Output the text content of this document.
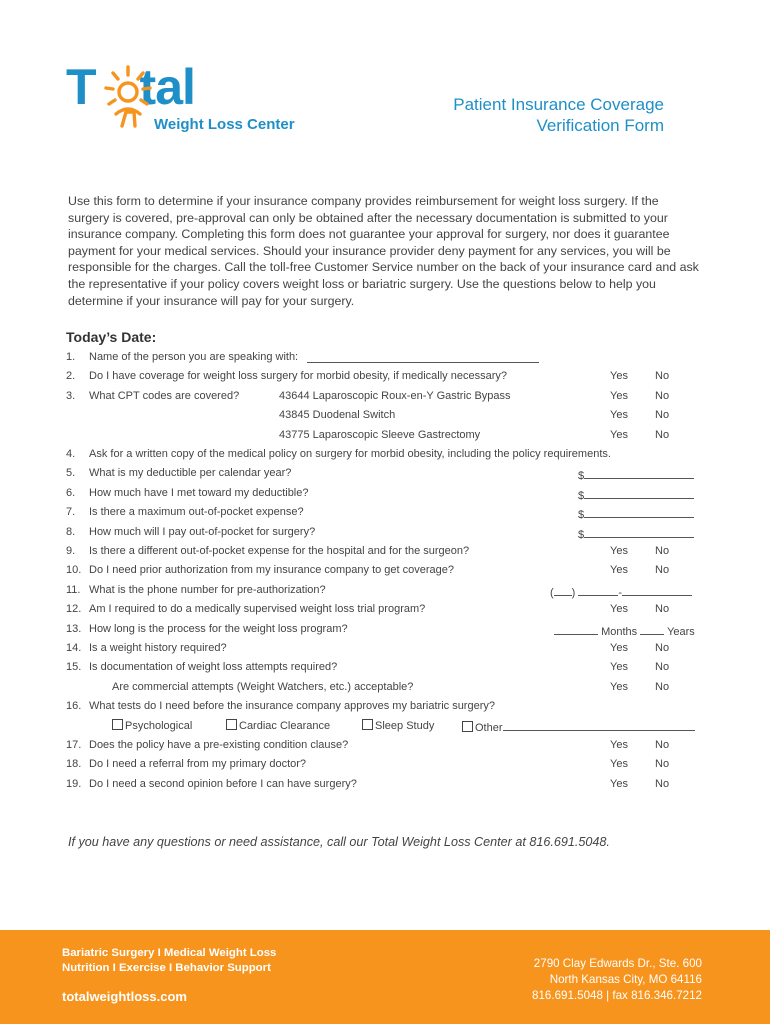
T tal
Weight Loss Center
Patient Insurance Coverage
Verification Form
Use this form to determine if your insurance company provides reimbursement for weight loss surgery. If the surgery is covered, pre-approval can only be obtained after the necessary documentation is submitted to your insurance company. Completing this form does not guarantee your approval for surgery, nor does it guarantee payment for your medical services. Should your insurance provider deny payment for any services, you will be responsible for the charges. Call the toll-free Customer Service number on the back of your insurance card and ask the representative if your policy covers weight loss or bariatric surgery. Use the questions below to help you determine if your insurance will pay for your surgery.
Today’s Date:
1. Name of the person you are speaking with:
2. Do I have coverage for weight loss surgery for morbid obesity, if medically necessary?	Yes No
3. What CPT codes are covered?	43644 Laparoscopic Roux-en-Y Gastric Bypass	Yes No
43845 Duodenal Switch	Yes No
43775 Laparoscopic Sleeve Gastrectomy	Yes No
4. Ask for a written copy of the medical policy on surgery for morbid obesity, including the policy requirements.
5. What is my deductible per calendar year?	$
6. How much have I met toward my deductible?	$
7. Is there a maximum out-of-pocket expense?	$
8. How much will I pay out-of-pocket for surgery?	$
9. Is there a different out-of-pocket expense for the hospital and for the surgeon?	Yes No
10. Do I need prior authorization from my insurance company to get coverage?	Yes No
11. What is the phone number for pre-authorization?	( )	-
12. Am I required to do a medically supervised weight loss trial program?	Yes No
13. How long is the process for the weight loss program?	Months	Years
14. Is a weight history required?	Yes No
15. Is documentation of weight loss attempts required?	Yes No
Are commercial attempts (Weight Watchers, etc.) acceptable?	Yes No
16. What tests do I need before the insurance company approves my bariatric surgery?
Psychological	Cardiac Clearance	Sleep Study	Other
17. Does the policy have a pre-existing condition clause?	Yes No
18. Do I need a referral from my primary doctor?	Yes No
19. Do I need a second opinion before I can have surgery?	Yes No
If you have any questions or need assistance, call our Total Weight Loss Center at 816.691.5048.
Bariatric Surgery I Medical Weight Loss
Nutrition I Exercise I Behavior Support
totalweightloss.com
2790 Clay Edwards Dr., Ste. 600
North Kansas City, MO 64116
816.691.5048 | fax 816.346.7212
